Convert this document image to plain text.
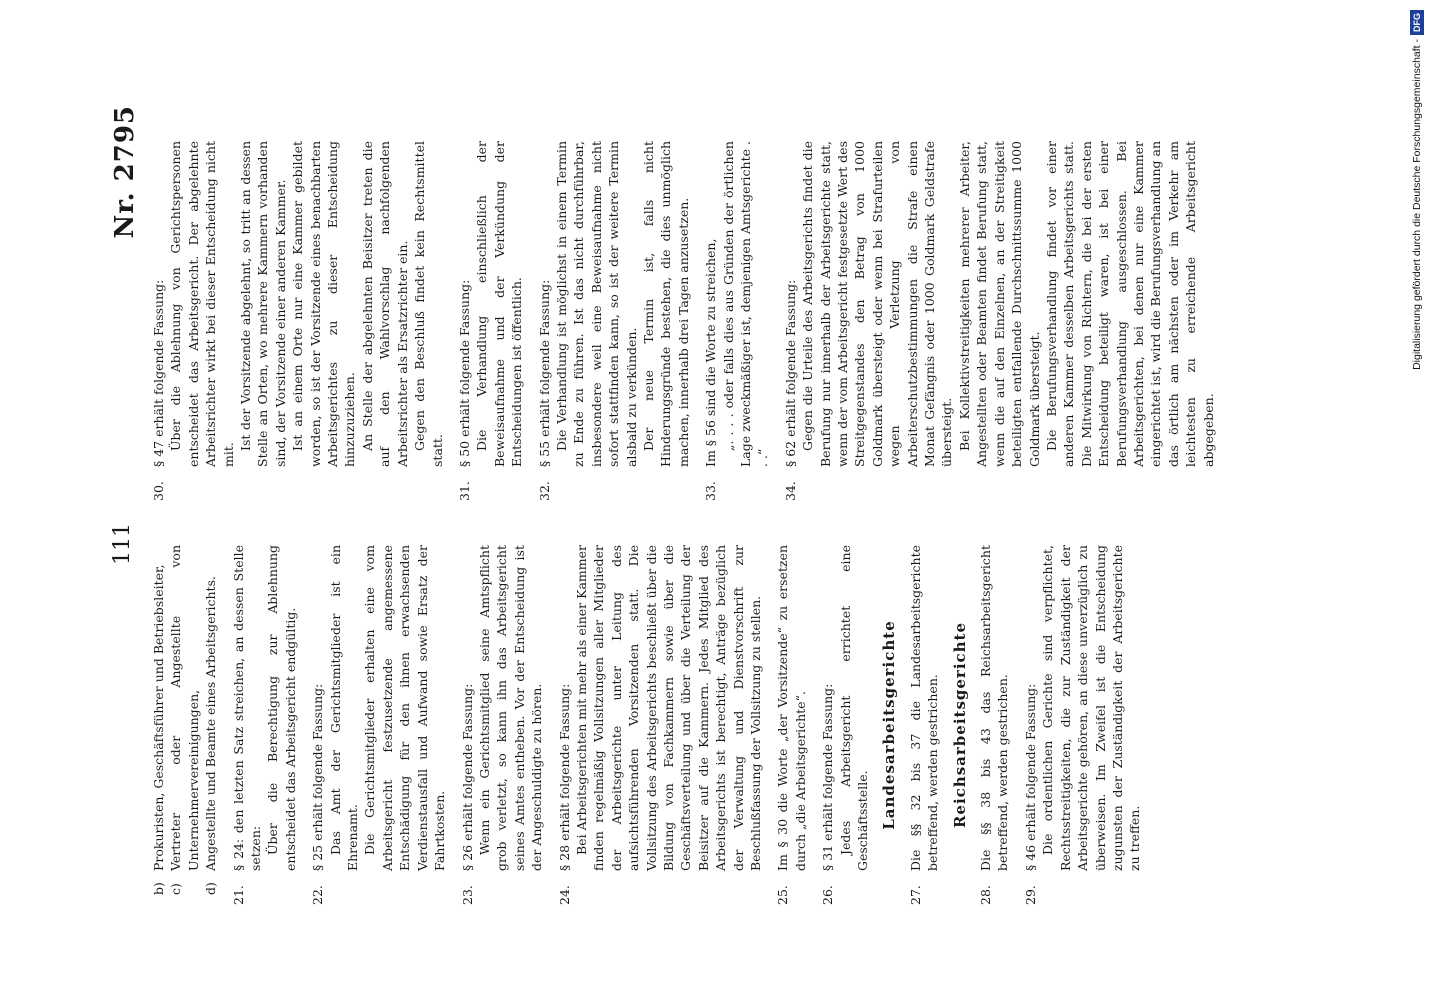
111
Nr. 2795
b)
Prokuristen, Geschäftsführer und Betriebsleiter,
c)
Vertreter oder Angestellte von Unternehmervereinigungen,
d)
Angestellte und Beamte eines Arbeitsgerichts.
21.
§ 24: den letzten Satz streichen, an dessen Stelle setzen: Über die Berechtigung zur Ablehnung entscheidet das Arbeitsgericht endgültig.
22.
§ 25 erhält folgende Fassung: Das Amt der Gerichtsmitglieder ist ein Ehrenamt. Die Gerichtsmitglieder erhalten eine vom Arbeitsgericht festzusetzende angemessene Entschädigung für den ihnen erwachsenden Verdienstausfall und Aufwand sowie Ersatz der Fahrtkosten.
23.
§ 26 erhält folgende Fassung: Wenn ein Gerichtsmitglied seine Amtspflicht grob verletzt, so kann ihn das Arbeitsgericht seines Amtes entheben. Vor der Entscheidung ist der Angeschuldigte zu hören.
24.
§ 28 erhält folgende Fassung: Bei Arbeitsgerichten mit mehr als einer Kammer finden regelmäßig Vollsitzungen aller Mitglieder der Arbeitsgerichte unter Leitung des aufsichtsführenden Vorsitzenden statt. Die Vollsitzung des Arbeitsgerichts beschließt über die Bildung von Fachkammern sowie über die Geschäftsverteilung und über die Verteilung der Beisitzer auf die Kammern. Jedes Mitglied des Arbeitsgerichts ist berechtigt, Anträge bezüglich der Verwaltung und Dienstvorschrift zur Beschlußfassung der Vollsitzung zu stellen.
25.
Im § 30 die Worte „der Vorsitzende“ zu ersetzen durch „die Arbeitsgerichte“.
26.
§ 31 erhält folgende Fassung: Jedes Arbeitsgericht errichtet eine Geschäftsstelle. Landesarbeitsgerichte
27.
Die §§ 32 bis 37 die Landesarbeitsgerichte betreffend, werden gestrichen. Reichsarbeitsgerichte
28.
Die §§ 38 bis 43 das Reichsarbeitsgericht betreffend, werden gestrichen.
29.
§ 46 erhält folgende Fassung: Die ordentlichen Gerichte sind verpflichtet, Rechtsstreitigkeiten, die zur Zuständigkeit der Arbeitsgerichte gehören, an diese unverzüglich zu überweisen. Im Zweifel ist die Entscheidung zugunsten der Zuständigkeit der Arbeitsgerichte zu treffen.
30.
§ 47 erhält folgende Fassung: Über die Ablehnung von Gerichtspersonen entscheidet das Arbeitsgericht. Der abgelehnte Arbeitsrichter wirkt bei dieser Entscheidung nicht mit.
Ist der Vorsitzende abgelehnt, so tritt an dessen Stelle an Orten, wo mehrere Kammern vorhanden sind, der Vorsitzende einer anderen Kammer. Ist an einem Orte nur eine Kammer gebildet worden, so ist der Vorsitzende eines benachbarten Arbeitsgerichtes zu dieser Entscheidung hinzuzuziehen. An Stelle der abgelehnten Beisitzer treten die auf den Wahlvorschlag nachfolgenden Arbeitsrichter als Ersatzrichter ein. Gegen den Beschluß findet kein Rechtsmittel statt.
31.
§ 50 erhält folgende Fassung: Die Verhandlung einschließlich der Beweisaufnahme und der Verkündung der Entscheidungen ist öffentlich.
32.
§ 55 erhält folgende Fassung: Die Verhandlung ist möglichst in einem Termin zu Ende zu führen. Ist das nicht durchführbar, insbesondere weil eine Beweisaufnahme nicht sofort stattfinden kann, so ist der weitere Termin alsbald zu verkünden. Der neue Termin ist, falls nicht Hinderungsgründe bestehen, die dies unmöglich machen, innerhalb drei Tagen anzusetzen.
33.
Im § 56 sind die Worte zu streichen, „. . . . oder falls dies aus Gründen der örtlichen Lage zweckmäßiger ist, demjenigen Amtsgerichte . . .“
34.
§ 62 erhält folgende Fassung: Gegen die Urteile des Arbeitsgerichts findet die Berufung nur innerhalb der Arbeitsgerichte statt, wenn der vom Arbeitsgericht festgesetzte Wert des Streitgegenstandes den Betrag von 1000 Goldmark übersteigt oder wenn bei Strafurteilen wegen Verletzung von Arbeiterschutzbestimmungen die Strafe einen Monat Gefängnis oder 1000 Goldmark Geldstrafe übersteigt. Bei Kollektivstreitigkeiten mehrerer Arbeiter, Angestellten oder Beamten findet Berufung statt, wenn die auf den Einzelnen, an der Streitigkeit beteiligten entfallende Durchschnittssumme 1000 Goldmark übersteigt. Die Berufungsverhandlung findet vor einer anderen Kammer desselben Arbeitsgerichts statt. Die Mitwirkung von Richtern, die bei der ersten Entscheidung beteiligt waren, ist bei einer Berufungsverhandlung ausgeschlossen. Bei Arbeitsgerichten, bei denen nur eine Kammer eingerichtet ist, wird die Berufungsverhandlung an das örtlich am nächsten oder im Verkehr am leichtesten zu erreichende Arbeitsgericht abgegeben.
Digitalisierung gefördert durch die Deutsche Forschungsgemeinschaft -DFG
